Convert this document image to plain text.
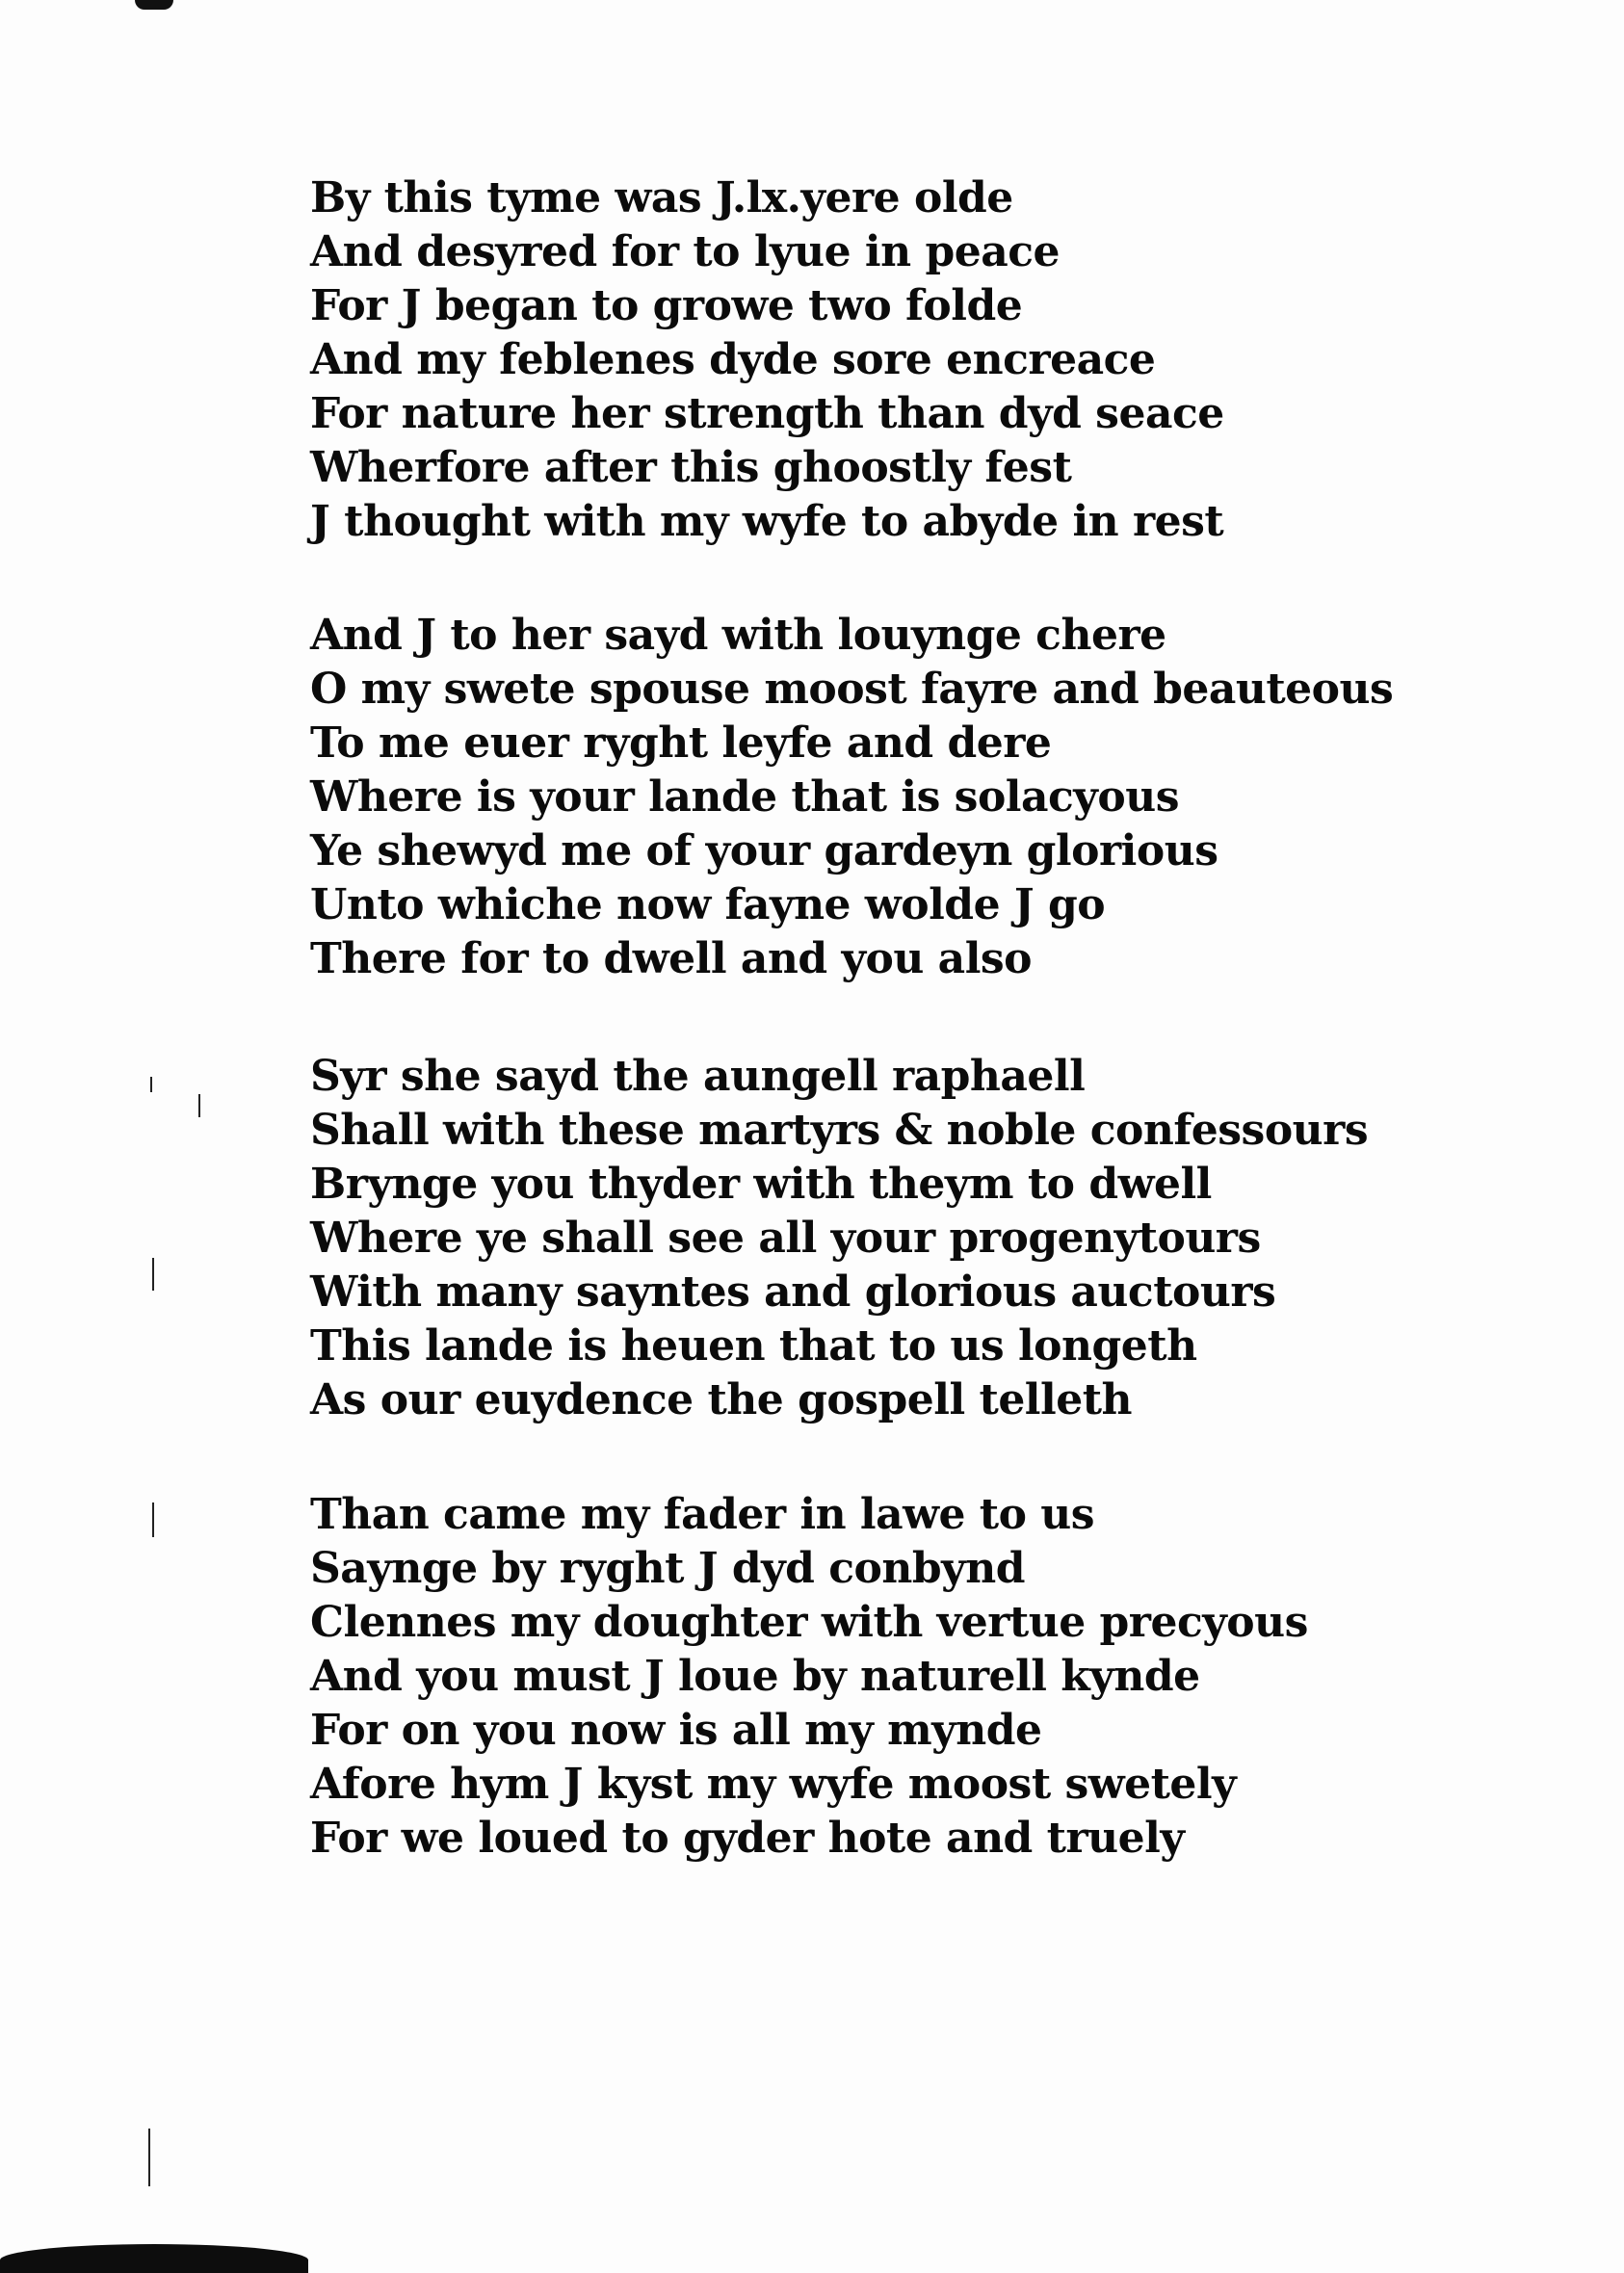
By this tyme was J.lx.yere olde
And desyred for to lyue in peace
For J began to growe two folde
And my feblenes dyde sore encreace
For nature her strength than dyd seace
Wherfore after this ghoostly fest
J thought with my wyfe to abyde in rest
And J to her sayd with louynge chere
O my swete spouse moost fayre and beauteous
To me euer ryght leyfe and dere
Where is your lande that is solacyous
Ye shewyd me of your gardeyn glorious
Unto whiche now fayne wolde J go
There for to dwell and you also
Syr she sayd the aungell raphaell
Shall with these martyrs & noble confessours
Brynge you thyder with theym to dwell
Where ye shall see all your progenytours
With many sayntes and glorious auctours
This lande is heuen that to us longeth
As our euydence the gospell telleth
Than came my fader in lawe to us
Saynge by ryght J dyd conbynd
Clennes my doughter with vertue precyous
And you must J loue by naturell kynde
For on you now is all my mynde
Afore hym J kyst my wyfe moost swetely
For we loued to gyder hote and truely
